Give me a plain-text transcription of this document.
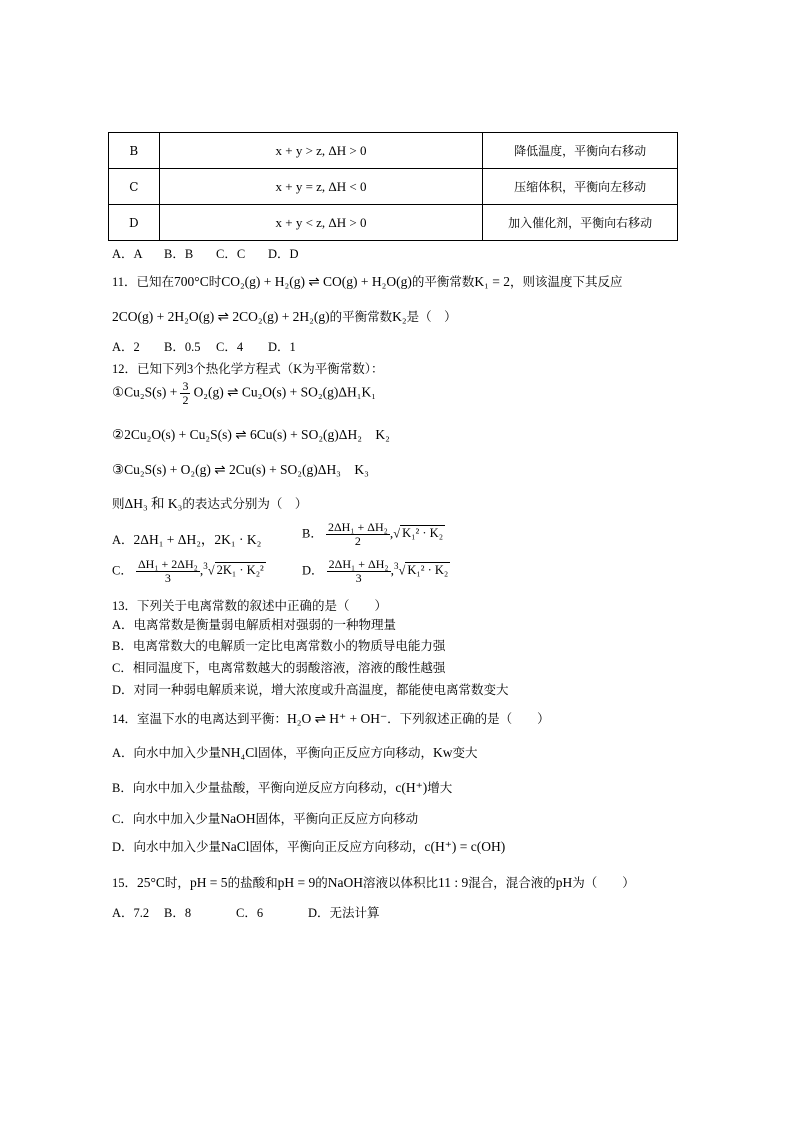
B	x + y > z, ΔH > 0	降低温度，平衡向右移动
C	x + y = z, ΔH < 0	压缩体积，平衡向左移动
D	x + y < z, ΔH > 0	加入催化剂，平衡向右移动
A．A B．B C．C D．D
11．已知在700°C时CO₂(g) + H₂(g) ⇌ CO(g) + H₂O(g)的平衡常数K₁ = 2，则该温度下其反应
2CO(g) + 2H₂O(g) ⇌ 2CO₂(g) + 2H₂(g)的平衡常数K₂是（　）
A．2 B．0.5 C．4 D．1
12．已知下列3个热化学方程式（K为平衡常数）：
①Cu₂S(s) + $\frac{3}{2} O_2(g)$ ⇌ Cu₂O(s) + SO₂(g)ΔH₁K₁
②2Cu₂O(s) + Cu₂S(s) ⇌ 6Cu(s) + SO₂(g)ΔH₂　K₂
③Cu₂S(s) + O₂(g) ⇌ 2Cu(s) + SO₂(g)ΔH₃　K₃
则ΔH₃ 和 K₃的表达式分别为（　）
A．2ΔH₁ + ΔH₂，2K₁ · K₂	B． $\frac{\text{2ΔH₁ + ΔH₂}}{2}$ ,√ K₁² · K₂
C． $\frac{\text{ΔH₁ + 2ΔH₂}}{3} ,^3√$ 2K₁ · K₂²	D． $\frac{\text{2ΔH₁ + ΔH₂}}{3} ,^3√$ K₁² · K₂
13．下列关于电离常数的叙述中正确的是（　　）
A．电离常数是衡量弱电解质相对强弱的一种物理量
B．电离常数大的电解质一定比电离常数小的物质导电能力强
C．相同温度下，电离常数越大的弱酸溶液，溶液的酸性越强
D．对同一种弱电解质来说，增大浓度或升高温度，都能使电离常数变大
14．室温下水的电离达到平衡：H₂O ⇌ H⁺ + OH⁻．下列叙述正确的是（　　）
A．向水中加入少量NH₄Cl固体，平衡向正反应方向移动，Kw变大
B．向水中加入少量盐酸，平衡向逆反应方向移动，c(H⁺)增大
C．向水中加入少量NaOH固体，平衡向正反应方向移动
D．向水中加入少量NaCl固体，平衡向正反应方向移动，c(H⁺) = c(OH)
15．25°C时，pH = 5的盐酸和pH = 9的NaOH溶液以体积比11 : 9混合，混合液的pH为（　　）
A．7.2 B．8	C．6	D．无法计算
